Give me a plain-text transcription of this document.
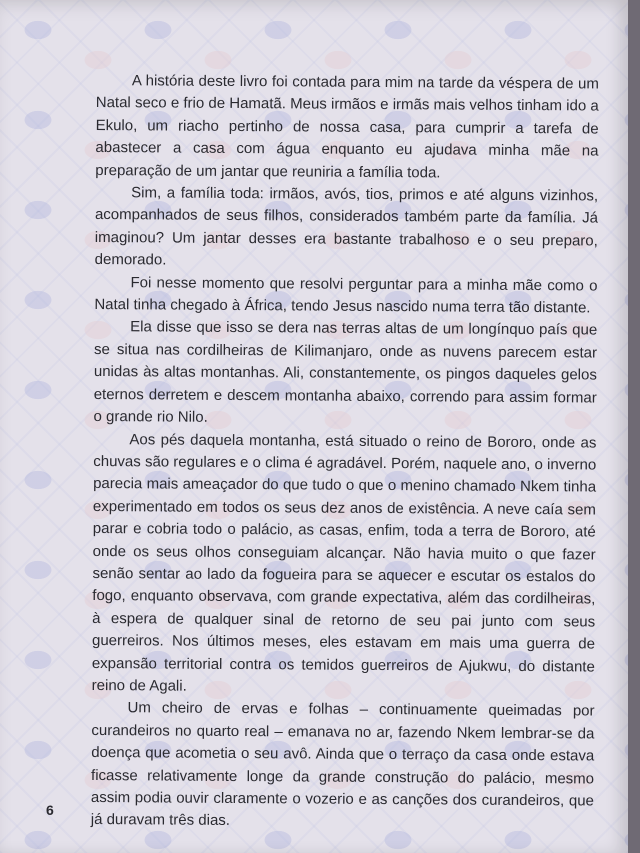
A história deste livro foi contada para mim na tarde da véspera de um Natal seco e frio de Hamatã. Meus irmãos e irmãs mais velhos tinham ido a Ekulo, um riacho pertinho de nossa casa, para cumprir a tarefa de abastecer a casa com água enquanto eu ajudava minha mãe na preparação de um jantar que reuniria a família toda.

Sim, a família toda: irmãos, avós, tios, primos e até alguns vizinhos, acompanhados de seus filhos, considerados também parte da família. Já imaginou? Um jantar desses era bastante trabalhoso e o seu preparo, demorado.

Foi nesse momento que resolvi perguntar para a minha mãe como o Natal tinha chegado à África, tendo Jesus nascido numa terra tão distante.

Ela disse que isso se dera nas terras altas de um longínquo país que se situa nas cordilheiras de Kilimanjaro, onde as nuvens parecem estar unidas às altas montanhas. Ali, constantemente, os pingos daqueles gelos eternos derretem e descem montanha abaixo, correndo para assim formar o grande rio Nilo.

Aos pés daquela montanha, está situado o reino de Bororo, onde as chuvas são regulares e o clima é agradável. Porém, naquele ano, o inverno parecia mais ameaçador do que tudo o que o menino chamado Nkem tinha experimentado em todos os seus dez anos de existência. A neve caía sem parar e cobria todo o palácio, as casas, enfim, toda a terra de Bororo, até onde os seus olhos conseguiam alcançar. Não havia muito o que fazer senão sentar ao lado da fogueira para se aquecer e escutar os estalos do fogo, enquanto observava, com grande expectativa, além das cordilheiras, à espera de qualquer sinal de retorno de seu pai junto com seus guerreiros. Nos últimos meses, eles estavam em mais uma guerra de expansão territorial contra os temidos guerreiros de Ajukwu, do distante reino de Agali.

Um cheiro de ervas e folhas – continuamente queimadas por curandeiros no quarto real – emanava no ar, fazendo Nkem lembrar-se da doença que acometia o seu avô. Ainda que o terraço da casa onde estava ficasse relativamente longe da grande construção do palácio, mesmo assim podia ouvir claramente o vozerio e as canções dos curandeiros, que já duravam três dias.

6
